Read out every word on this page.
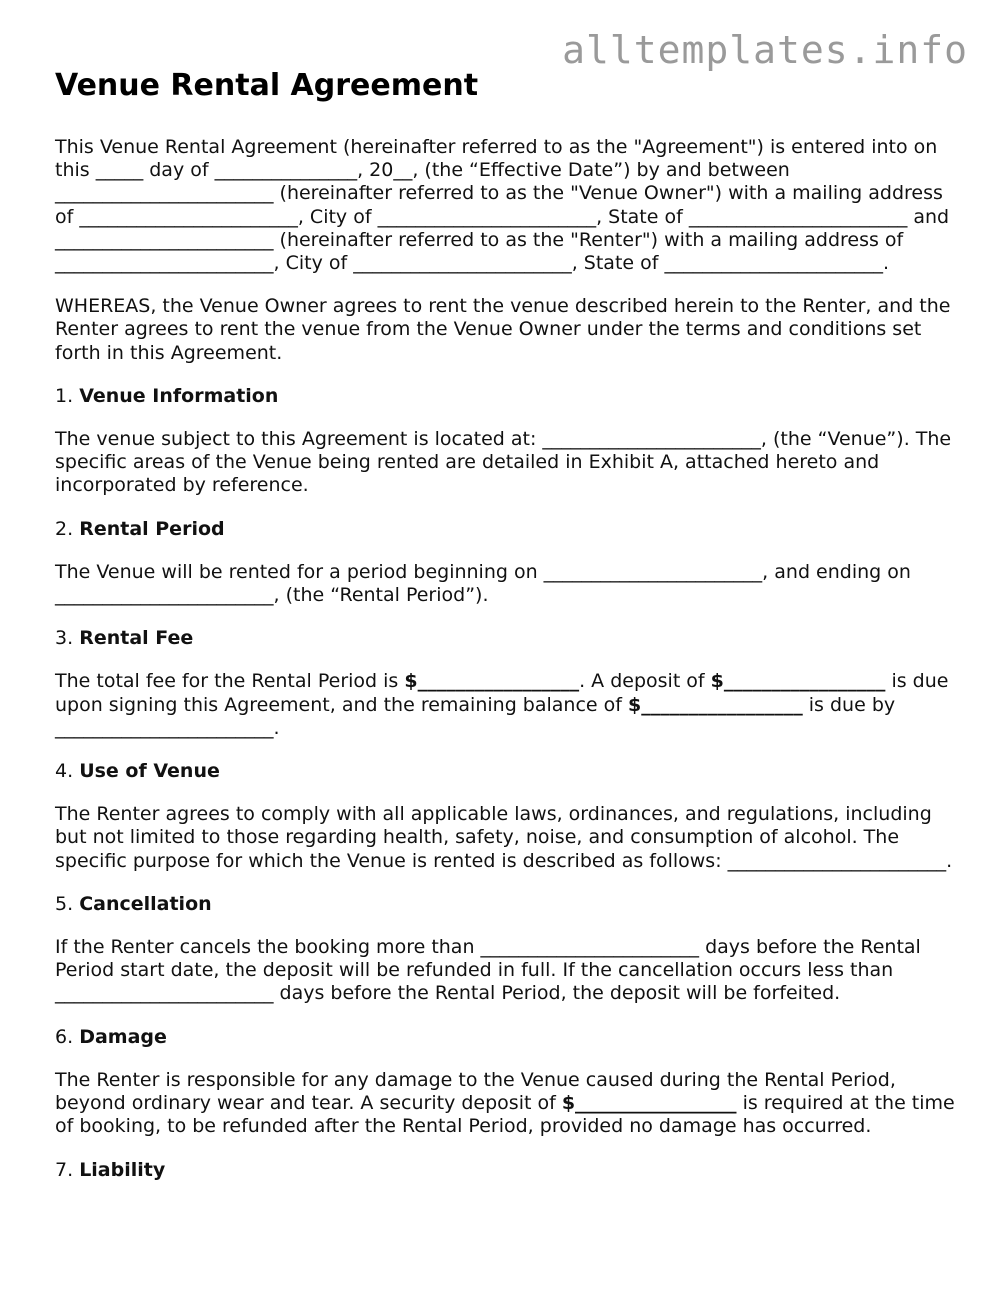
alltemplates.info
Venue Rental Agreement

This Venue Rental Agreement (hereinafter referred to as the "Agreement") is entered into on this _____ day of _______________, 20__, (the “Effective Date”) by and between _______________________ (hereinafter referred to as the "Venue Owner") with a mailing address of _______________________, City of _______________________, State of _______________________ and _______________________ (hereinafter referred to as the "Renter") with a mailing address of _______________________, City of _______________________, State of _______________________.

WHEREAS, the Venue Owner agrees to rent the venue described herein to the Renter, and the Renter agrees to rent the venue from the Venue Owner under the terms and conditions set forth in this Agreement.

1. Venue Information

The venue subject to this Agreement is located at: _______________________, (the “Venue”). The specific areas of the Venue being rented are detailed in Exhibit A, attached hereto and incorporated by reference.

2. Rental Period

The Venue will be rented for a period beginning on _______________________, and ending on _______________________, (the “Rental Period”).

3. Rental Fee

The total fee for the Rental Period is $_________________. A deposit of $_________________ is due upon signing this Agreement, and the remaining balance of $_________________ is due by _______________________.

4. Use of Venue

The Renter agrees to comply with all applicable laws, ordinances, and regulations, including but not limited to those regarding health, safety, noise, and consumption of alcohol. The specific purpose for which the Venue is rented is described as follows: _______________________.

5. Cancellation

If the Renter cancels the booking more than _______________________ days before the Rental Period start date, the deposit will be refunded in full. If the cancellation occurs less than _______________________ days before the Rental Period, the deposit will be forfeited.

6. Damage

The Renter is responsible for any damage to the Venue caused during the Rental Period, beyond ordinary wear and tear. A security deposit of $_________________ is required at the time of booking, to be refunded after the Rental Period, provided no damage has occurred.

7. Liability
